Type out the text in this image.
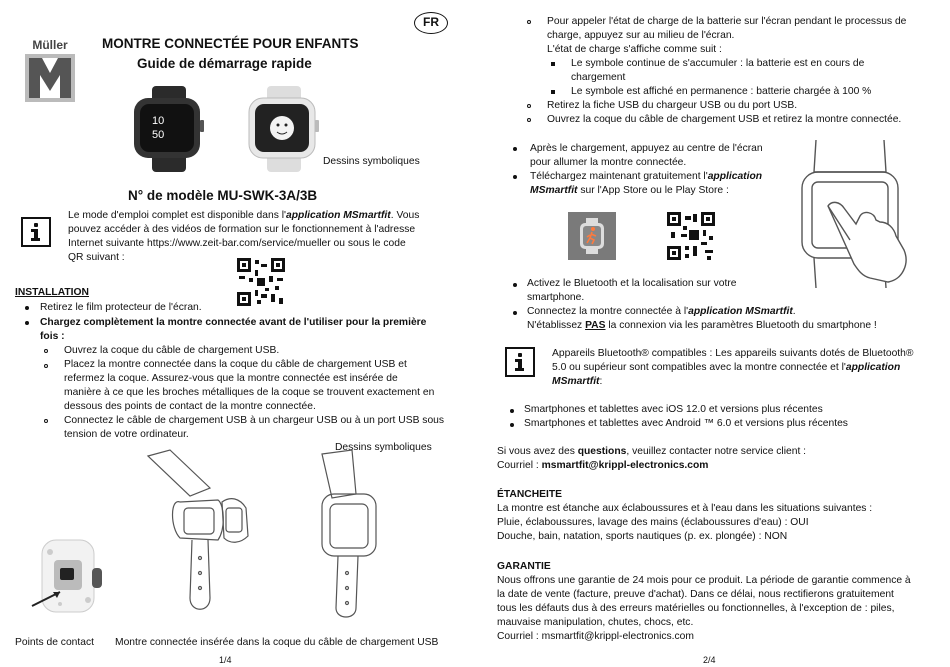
FR
Müller	MONTRE CONNECTÉE POUR ENFANTS
Guide de démarrage rapide
10
50
Dessins symboliques
N° de modèle MU-SWK-3A/3B
Le mode d'emploi complet est disponible dans l'application MSmartfit. Vous
pouvez accéder à des vidéos de formation sur le fonctionnement à l'adresse
Internet suivante https://www.zeit-bar.com/service/mueller ou sous le code
QR suivant :
INSTALLATION
Retirez le film protecteur de l'écran.
Chargez complètement la montre connectée avant de l'utiliser pour la première
fois :
Ouvrez la coque du câble de chargement USB.
Placez la montre connectée dans la coque du câble de chargement USB et
refermez la coque. Assurez-vous que la montre connectée est insérée de
manière à ce que les broches métalliques de la coque se trouvent exactement en
dessous des points de contact de la montre connectée.
Connectez le câble de chargement USB à un chargeur USB ou à un port USB sous
tension de votre ordinateur.
Dessins symboliques
Points de contact Montre connectée insérée dans la coque du câble de chargement USB
1/4
Pour appeler l'état de charge de la batterie sur l'écran pendant le processus de
charge, appuyez sur au milieu de l'écran.
L'état de charge s'affiche comme suit :
Le symbole continue de s'accumuler : la batterie est en cours de
chargement
Le symbole est affiché en permanence : batterie chargée à 100 %
Retirez la fiche USB du chargeur USB ou du port USB.
Ouvrez la coque du câble de chargement USB et retirez la montre connectée.
Après le chargement, appuyez au centre de l'écran
pour allumer la montre connectée.
Téléchargez maintenant gratuitement l'application
MSmartfit sur l'App Store ou le Play Store :
Activez le Bluetooth et la localisation sur votre
smartphone.
Connectez la montre connectée à l'application MSmartfit.
N'établissez PAS la connexion via les paramètres Bluetooth du smartphone !
Appareils Bluetooth® compatibles : Les appareils suivants dotés de Bluetooth®
5.0 ou supérieur sont compatibles avec la montre connectée et l'application
MSmartfit:
Smartphones et tablettes avec iOS 12.0 et versions plus récentes
Smartphones et tablettes avec Android ™ 6.0 et versions plus récentes
Si vous avez des questions, veuillez contacter notre service client :
Courriel : msmartfit@krippl-electronics.com
ÉTANCHEITE
La montre est étanche aux éclaboussures et à l'eau dans les situations suivantes :
Pluie, éclaboussures, lavage des mains (éclaboussures d'eau) : OUI
Douche, bain, natation, sports nautiques (p. ex. plongée) : NON
GARANTIE
Nous offrons une garantie de 24 mois pour ce produit. La période de garantie commence à
la date de vente (facture, preuve d'achat). Dans ce délai, nous rectifierons gratuitement
tous les défauts dus à des erreurs matérielles ou fonctionnelles, à l'exception de : piles,
mauvaise manipulation, chutes, chocs, etc.
Courriel : msmartfit@krippl-electronics.com
2/4
